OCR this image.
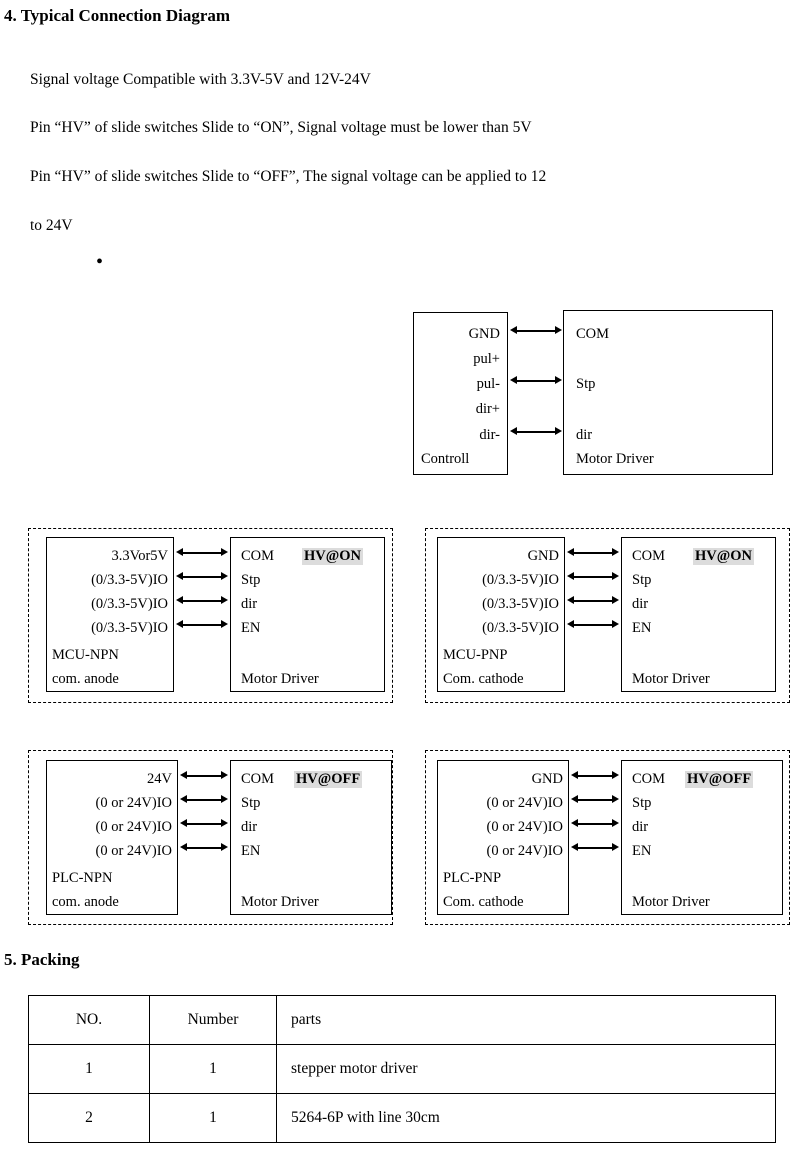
4. Typical Connection Diagram
Signal voltage Compatible with 3.3V-5V and 12V-24V
Pin “HV” of slide switches Slide to “ON”, Signal voltage must be lower than 5V
Pin “HV” of slide switches Slide to “OFF”, The signal voltage can be applied to 12
to 24V
•
GND
pul+
pul-
dir+
dir-
Controll
COM
Stp
dir
Motor Driver
3.3Vor5V
(0/3.3-5V)IO
(0/3.3-5V)IO
(0/3.3-5V)IO
MCU-NPN
com. anode
COM
Stp
dir
EN
Motor Driver
HV@ON	GND
(0/3.3-5V)IO
(0/3.3-5V)IO
(0/3.3-5V)IO
MCU-PNP
Com. cathode
COM
Stp
dir
EN
Motor Driver
HV@ON
24V
(0 or 24V)IO
(0 or 24V)IO
(0 or 24V)IO
PLC-NPN
com. anode
COM
Stp
dir
EN
Motor Driver
HV@OFF	GND
(0 or 24V)IO
(0 or 24V)IO
(0 or 24V)IO
PLC-PNP
Com. cathode
COM
Stp
dir
EN
Motor Driver
HV@OFF
5. Packing
NO.	Number	parts
1	1	stepper motor driver
2	1	5264-6P with line 30cm
